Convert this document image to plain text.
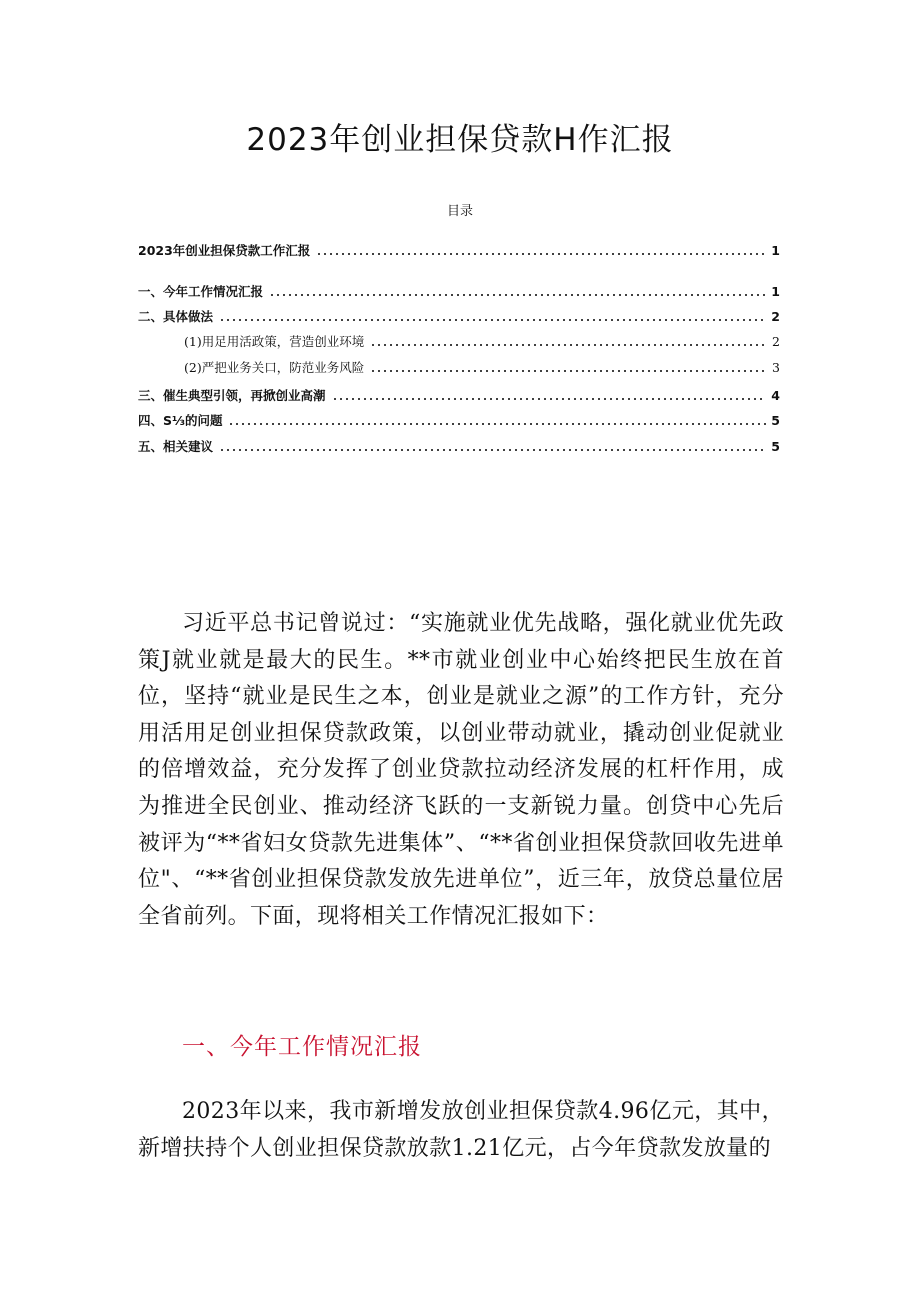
2023年创业担保贷款H作汇报
目录
2023年创业担保贷款工作汇报	1
一、今年工作情况汇报	1
二、具体做法	2
(1)用足用活政策，营造创业环境	2
(2)严把业务关口，防范业务风险	3
三、催生典型引领，再掀创业高潮	4
四、S⅓的问题	5
五、相关建议	5
习近平总书记曾说过：“实施就业优先战略，强化就业优先政策J就业就是最大的民生。**市就业创业中心始终把民生放在首位，坚持“就业是民生之本，创业是就业之源”的工作方针，充分用活用足创业担保贷款政策，以创业带动就业，撬动创业促就业的倍增效益，充分发挥了创业贷款拉动经济发展的杠杆作用，成为推进全民创业、推动经济飞跃的一支新锐力量。创贷中心先后被评为“**省妇女贷款先进集体”、“**省创业担保贷款回收先进单位"、“**省创业担保贷款发放先进单位”，近三年，放贷总量位居全省前列。下面，现将相关工作情况汇报如下：
一、今年工作情况汇报
2023年以来，我市新增发放创业担保贷款4.96亿元，其中，新增扶持个人创业担保贷款放款1.21亿元，占今年贷款发放量的
